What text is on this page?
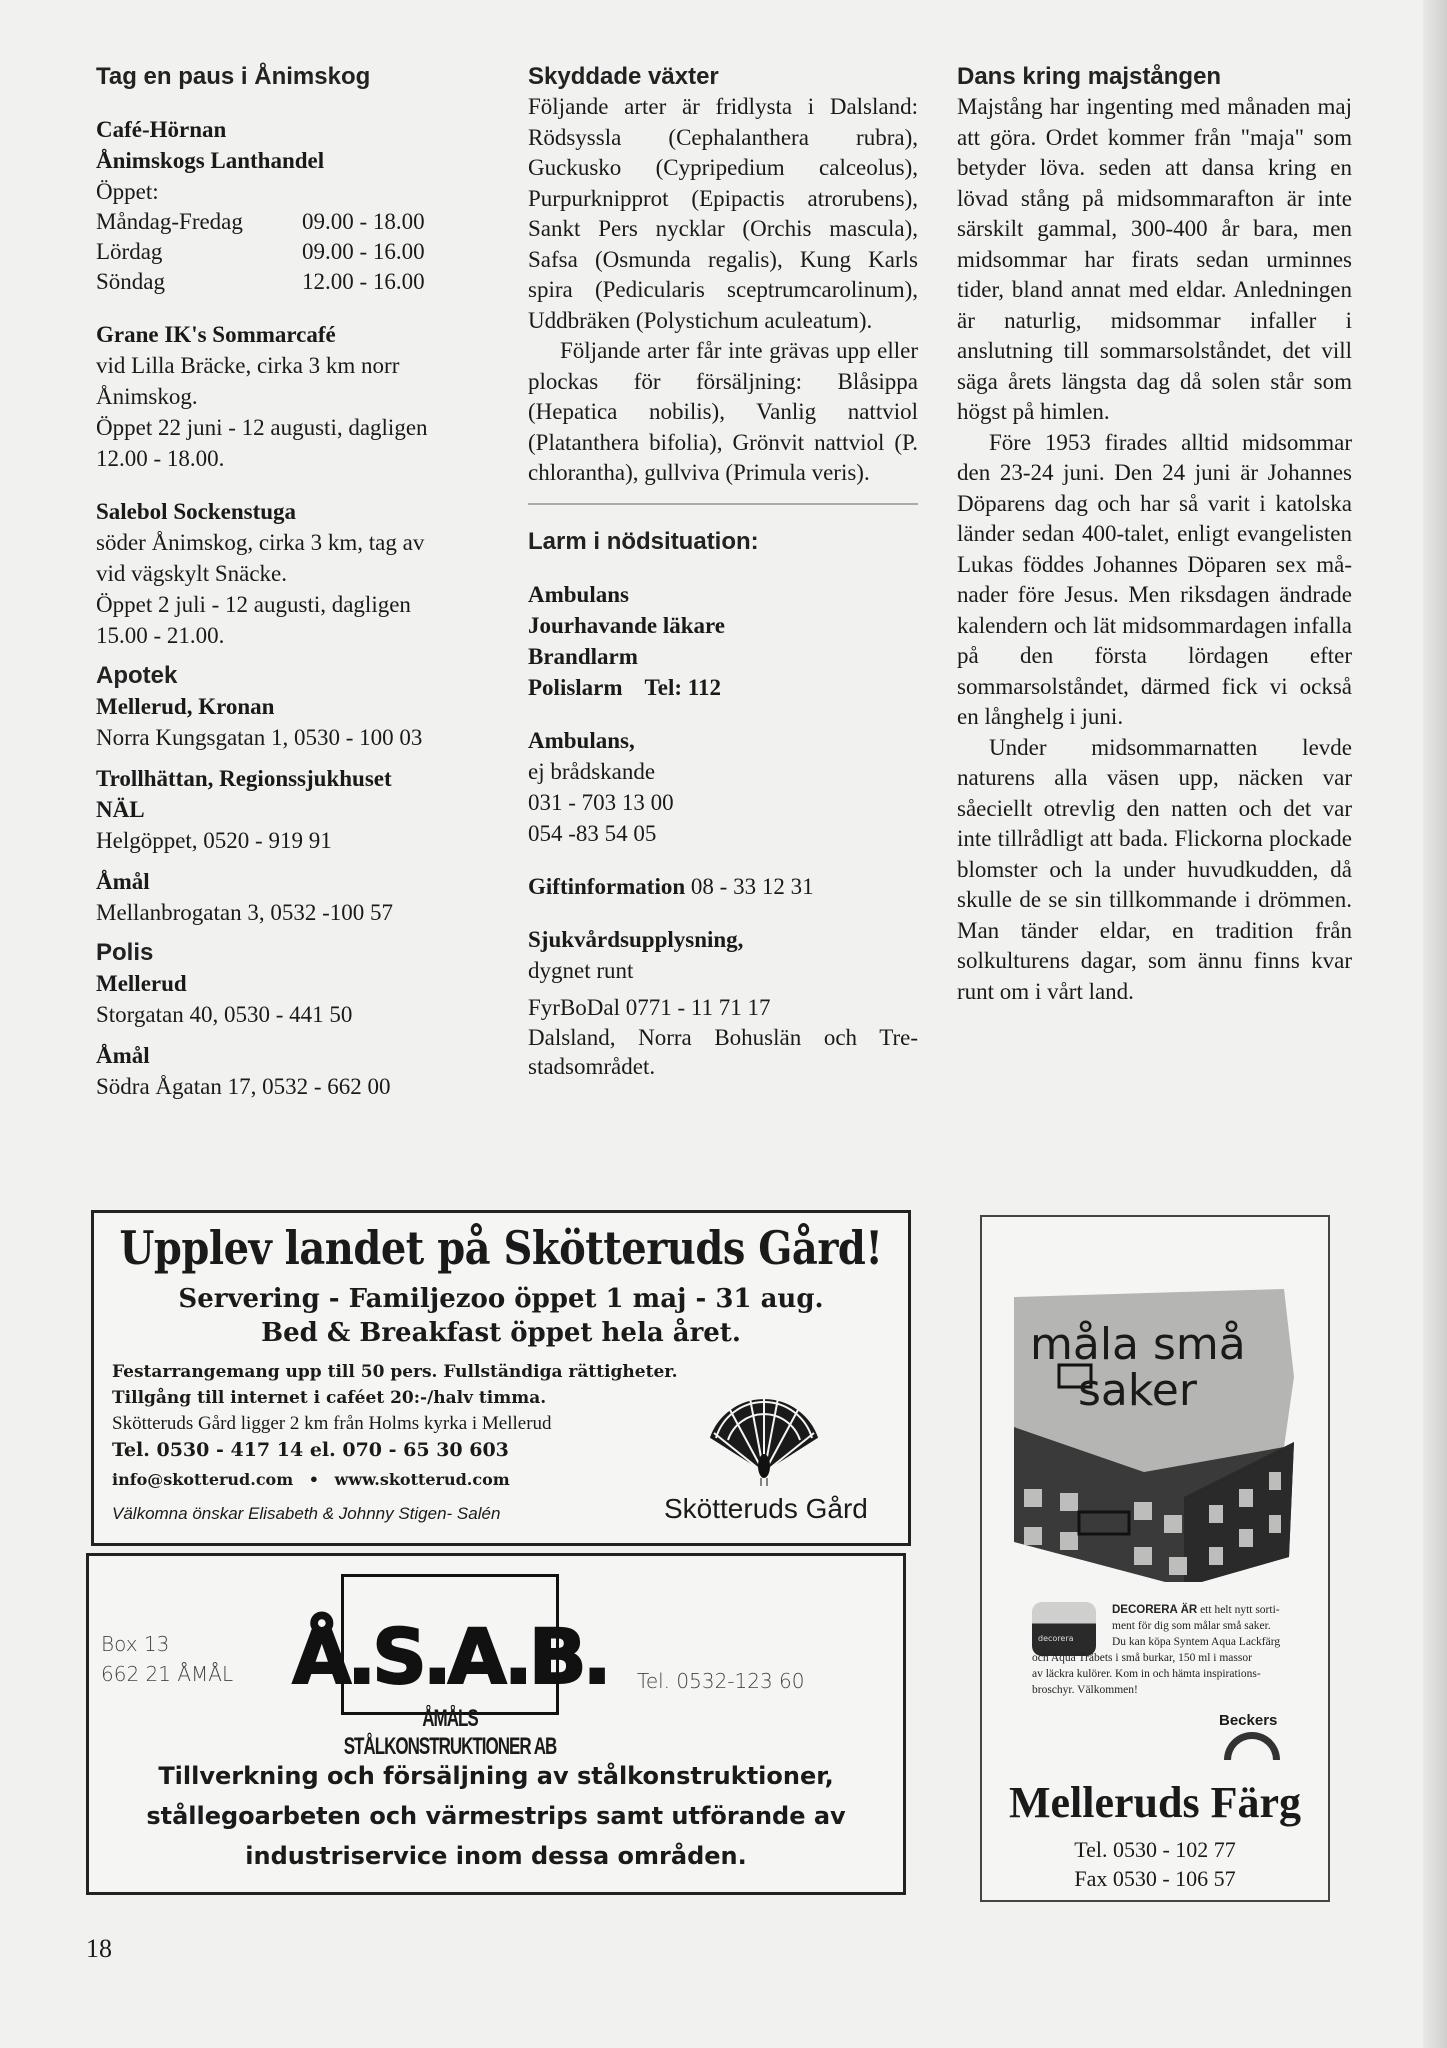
Tag en paus i Ånimskog
Café-Hörnan
Ånimskogs Lanthandel
Öppet:
Måndag-Fredag	09.00 - 18.00
Lördag	09.00 - 16.00
Söndag	12.00 - 16.00
Grane IK's Sommarcafé
vid Lilla Bräcke, cirka 3 km norr
Ånimskog.
Öppet 22 juni - 12 augusti, dagligen
12.00 - 18.00.
Salebol Sockenstuga
söder Ånimskog, cirka 3 km, tag av
vid vägskylt Snäcke.
Öppet 2 juli - 12 augusti, dagligen
15.00 - 21.00.
Apotek
Mellerud, Kronan
Norra Kungsgatan 1, 0530 - 100 03
Trollhättan, Regionssjukhuset
NÄL
Helgöppet, 0520 - 919 91
Åmål
Mellanbrogatan 3, 0532 -100 57
Polis
Mellerud
Storgatan 40, 0530 - 441 50
Åmål
Södra Ågatan 17, 0532 - 662 00
Skyddade växter

Följande arter är fridlysta i Dalsland: Rödsyssla (Cephalanthera rubra), Guckusko (Cypripedium calceolus), Purpurknipprot (Epipactis atrorubens), Sankt Pers nycklar (Orchis mascula), Safsa (Osmunda regalis), Kung Karls spira (Pedicularis sceptrumcarolinum), Uddbräken (Polystichum aculeatum).

Följande arter får inte grävas upp eller plockas för försäljning: Blåsippa (Hepatica nobilis), Vanlig nattviol (Platanthera bifolia), Grönvit nattviol (P. chlorantha), gullviva (Primula veris).

Larm i nödsituation:
Ambulans
Jourhavande läkare
Brandlarm
Polislarm Tel: 112
Ambulans,
ej brådskande
031 - 703 13 00
054 -83 54 05
Giftinformation 08 - 33 12 31
Sjukvårdsupplysning,
dygnet runt
FyrBoDal 0771 - 11 71 17
Dalsland, Norra Bohuslän och Trestadsområdet.
Dans kring majstången

Majstång har ingenting med månaden maj att göra. Ordet kommer från "maja" som betyder löva. seden att dansa kring en lövad stång på midsommarafton är inte särskilt gammal, 300-400 år bara, men midsommar har firats sedan urminnes tider, bland annat med eldar. Anledningen är naturlig, midsommar infaller i anslutning till sommarsolståndet, det vill säga årets längsta dag då solen står som högst på himlen.

Före 1953 firades alltid midsommar den 23-24 juni. Den 24 juni är Johannes Döparens dag och har så varit i katolska länder sedan 400-talet, enligt evangelisten Lukas föddes Johannes Döparen sex månader före Jesus. Men riksdagen ändrade kalendern och lät midsommardagen infalla på den första lördagen efter sommarsolståndet, därmed fick vi också en långhelg i juni.

Under midsommarnatten levde naturens alla väsen upp, näcken var såeciellt otrevlig den natten och det var inte tillrådligt att bada. Flickorna plockade blomster och la under huvudkudden, då skulle de se sin tillkommande i drömmen. Man tänder eldar, en tradition från solkulturens dagar, som ännu finns kvar runt om i vårt land.

Upplev landet på Skötteruds Gård!
Servering - Familjezoo öppet 1 maj - 31 aug.
Bed & Breakfast öppet hela året.
Festarrangemang upp till 50 pers. Fullständiga rättigheter.
Tillgång till internet i caféet 20:-/halv timma.
Skötteruds Gård ligger 2 km från Holms kyrka i Mellerud
Tel. 0530 - 417 14 el. 070 - 65 30 603
info@skotterud.com • www.skotterud.com
Välkomna önskar Elisabeth & Johnny Stigen- Salén	Skötteruds Gård
Box 13
662 21 ÅMÅL Å.S.A.B.
ÅMÅLS STÅLKONSTRUKTIONER AB
Tel. 0532-123 60
Tillverkning och försäljning av stålkonstruktioner,
stållegoarbeten och värmestrips samt utförande av
industriservice inom dessa områden.
måla små
saker
decorera
DECORERA ÄR ett helt nytt sorti-
ment för dig som målar små saker.
Du kan köpa Syntem Aqua Lackfärg
och Aqua Träbets i små burkar, 150 ml i massor
av läckra kulörer. Kom in och hämta inspirations-
broschyr. Välkommen!
Beckers
Melleruds Färg
Tel. 0530 - 102 77
Fax 0530 - 106 57
18
